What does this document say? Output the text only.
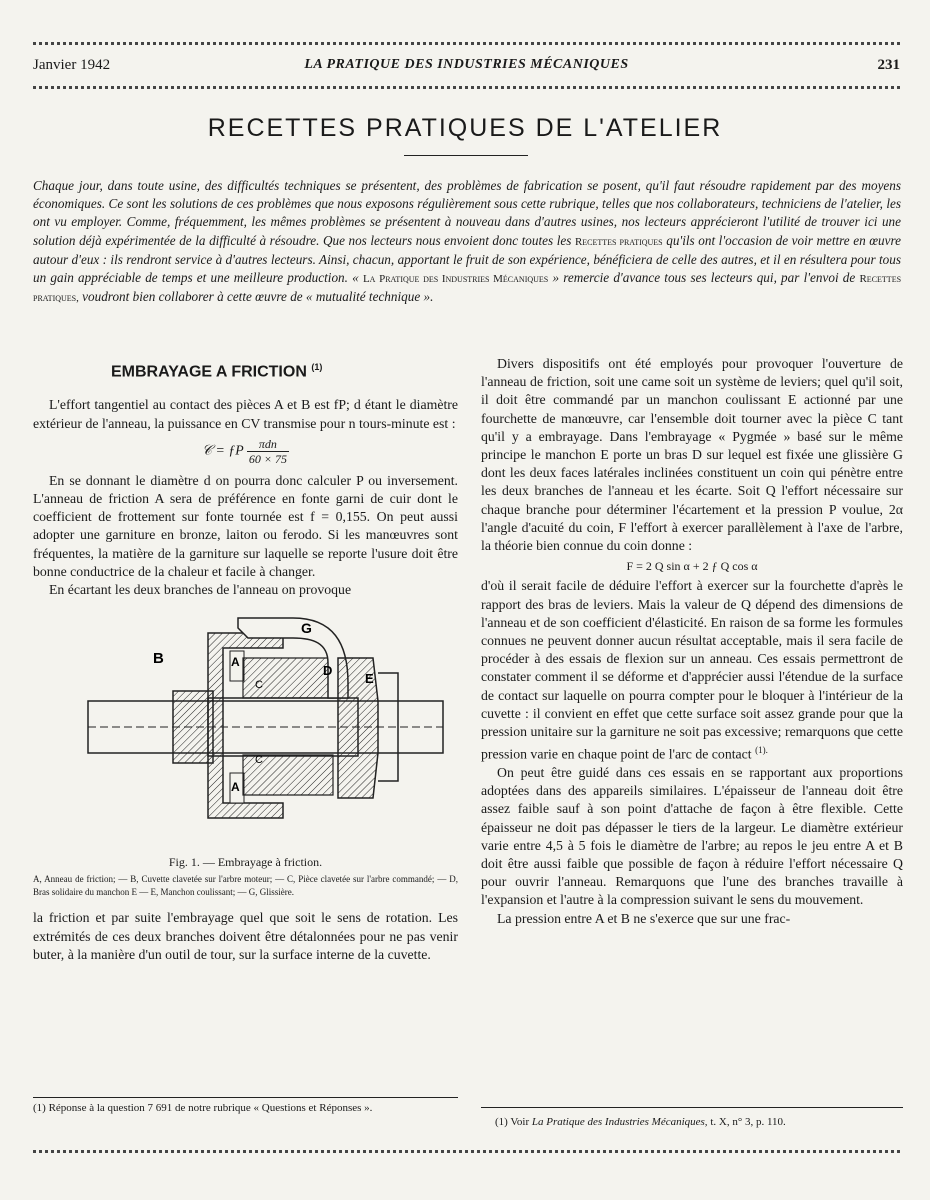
Janvier 1942	LA PRATIQUE DES INDUSTRIES MÉCANIQUES	231
RECETTES PRATIQUES DE L'ATELIER
Chaque jour, dans toute usine, des difficultés techniques se présentent, des problèmes de fabrication se posent, qu'il faut résoudre rapidement par des moyens économiques. Ce sont les solutions de ces problèmes que nous exposons régulièrement sous cette rubrique, telles que nos collaborateurs, techniciens de l'atelier, les ont vu employer. Comme, fréquemment, les mêmes problèmes se présentent à nouveau dans d'autres usines, nos lecteurs apprécieront l'utilité de trouver ici une solution déjà expérimentée de la difficulté à résoudre. Que nos lecteurs nous envoient donc toutes les Recettes pratiques qu'ils ont l'occasion de voir mettre en œuvre autour d'eux : ils rendront service à d'autres lecteurs. Ainsi, chacun, apportant le fruit de son expérience, bénéficiera de celle des autres, et il en résultera pour tous un gain appréciable de temps et une meilleure production. « La Pratique des Industries Mécaniques » remercie d'avance tous ses lecteurs qui, par l'envoi de Recettes pratiques, voudront bien collaborer à cette œuvre de « mutualité technique ».
EMBRAYAGE A FRICTION $^{(1)}$

L'effort tangentiel au contact des pièces A et B est fP; d étant le diamètre extérieur de l'anneau, la puissance en CV transmise pour n tours-minute est :

𝒞 = ƒP $\frac{\text{πdn}}{60 \times 75}$

En se donnant le diamètre d on pourra donc calculer P ou inversement. L'anneau de friction A sera de préférence en fonte garni de cuir dont le coefficient de frottement sur fonte tournée est f = 0,155. On peut aussi adopter une garniture en bronze, laiton ou ferodo. Si les manœuvres sont fréquentes, la matière de la garniture sur laquelle se reporte l'usure doit être bonne conductrice de la chaleur et facile à changer.

En écartant les deux branches de l'anneau on provoque

B
G
A
D
E
C
C
A
Fig. 1. — Embrayage à friction.
A, Anneau de friction; — B, Cuvette clavetée sur l'arbre moteur; — C, Pièce clavetée sur l'arbre commandé; — D, Bras solidaire du manchon E — E, Manchon coulissant; — G, Glissière.

la friction et par suite l'embrayage quel que soit le sens de rotation. Les extrémités de ces deux branches doivent être détalonnées pour ne pas venir buter, à la manière d'un outil de tour, sur la surface interne de la cuvette.

Divers dispositifs ont été employés pour provoquer l'ouverture de l'anneau de friction, soit une came soit un système de leviers; quel qu'il soit, il doit être commandé par un manchon coulissant E actionné par une fourchette de manœuvre, car l'ensemble doit tourner avec la pièce C tant qu'il y a embrayage. Dans l'embrayage « Pygmée » basé sur le même principe le manchon E porte un bras D sur lequel est fixée une glissière G dont les deux faces latérales inclinées constituent un coin qui pénètre entre les deux branches de l'anneau et les écarte. Soit Q l'effort nécessaire sur chaque branche pour déterminer l'écartement et la pression P voulue, 2α l'angle d'acuité du coin, F l'effort à exercer parallèlement à l'axe de l'arbre, la théorie bien connue du coin donne :

F = 2 Q sin α + 2 ƒ Q cos α

d'où il serait facile de déduire l'effort à exercer sur la fourchette d'après le rapport des bras de leviers. Mais la valeur de Q dépend des dimensions de l'anneau et de son coefficient d'élasticité. En raison de sa forme les formules connues ne peuvent donner aucun résultat acceptable, mais il sera facile de procéder à des essais de flexion sur un anneau. Ces essais permettront de constater comment il se déforme et d'apprécier aussi l'étendue de la surface de contact sur laquelle on pourra compter pour le bloquer à l'intérieur de la cuvette : il convient en effet que cette surface soit assez grande pour que la pression unitaire sur la garniture ne soit pas excessive; remarquons que cette pression varie en chaque point de l'arc de contact $^{(1).}$

On peut être guidé dans ces essais en se rapportant aux proportions adoptées dans des appareils similaires. L'épaisseur de l'anneau doit être assez faible sauf à son point d'attache de façon à être flexible. Cette épaisseur ne doit pas dépasser le tiers de la largeur. Le diamètre extérieur varie entre 4,5 à 5 fois le diamètre de l'arbre; au repos le jeu entre A et B doit être aussi faible que possible de façon à réduire l'effort nécessaire Q pour ouvrir l'anneau. Remarquons que l'une des branches travaille à l'expansion et l'autre à la compression suivant le sens du mouvement.

La pression entre A et B ne s'exerce que sur une frac-

(1) Réponse à la question 7 691 de notre rubrique « Questions et Réponses ».
(1) Voir La Pratique des Industries Mécaniques, t. X, n° 3, p. 110.
